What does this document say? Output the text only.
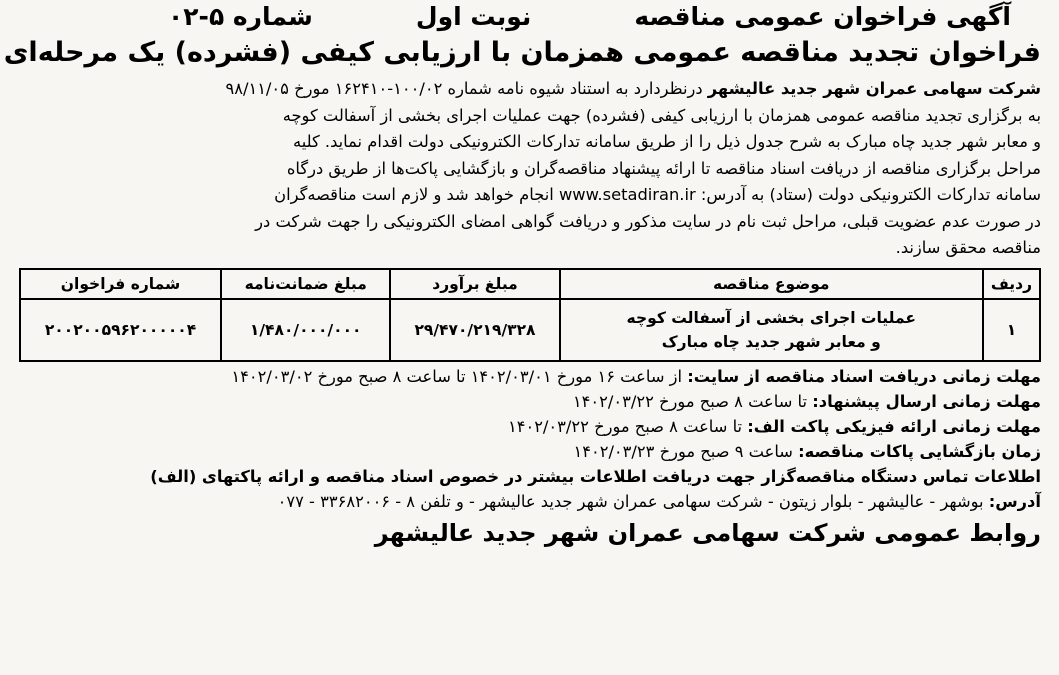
آگهی فراخوان عمومی مناقصه
نوبت اول
شماره ۵-۰۲
فراخوان تجدید مناقصه عمومی همزمان با ارزیابی کیفی (فشرده) یک مرحله‌ای
شرکت سهامی عمران شهر جدید عالیشهر درنظردارد به استناد شیوه نامه شماره ۱۰۰/۰۲-۱۶۲۴۱۰ مورخ ۹۸/۱۱/۰۵
به برگزاری تجدید مناقصه عمومی همزمان با ارزیابی کیفی (فشرده) جهت عملیات اجرای بخشی از آسفالت کوچه
و معابر شهر جدید چاه مبارک به شرح جدول ذیل را از طریق سامانه تدارکات الکترونیکی دولت اقدام نماید. کلیه
مراحل برگزاری مناقصه از دریافت اسناد مناقصه تا ارائه پیشنهاد مناقصه‌گران و بازگشایی پاکت‌ها از طریق درگاه
سامانه تدارکات الکترونیکی دولت (ستاد) به آدرس: www.setadiran.ir انجام خواهد شد و لازم است مناقصه‌گران
در صورت عدم عضویت قبلی، مراحل ثبت نام در سایت مذکور و دریافت گواهی امضای الکترونیکی را جهت شرکت در
مناقصه محقق سازند.
ردیف	موضوع مناقصه	مبلغ برآورد	مبلغ ضمانت‌نامه	شماره فراخوان
۱	عملیات اجرای بخشی از آسفالت کوچه
و معابر شهر جدید چاه مبارک	۲۹/۴۷۰/۲۱۹/۳۲۸	۱/۴۸۰/۰۰۰/۰۰۰	۲۰۰۲۰۰۵۹۶۲۰۰۰۰۰۴
مهلت زمانی دریافت اسناد مناقصه از سایت: از ساعت ۱۶ مورخ ۱۴۰۲/۰۳/۰۱ تا ساعت ۸ صبح مورخ ۱۴۰۲/۰۳/۰۲
مهلت زمانی ارسال پیشنهاد: تا ساعت ۸ صبح مورخ ۱۴۰۲/۰۳/۲۲
مهلت زمانی ارائه فیزیکی پاکت الف: تا ساعت ۸ صبح مورخ ۱۴۰۲/۰۳/۲۲
زمان بازگشایی پاکات مناقصه: ساعت ۹ صبح مورخ ۱۴۰۲/۰۳/۲۳
اطلاعات تماس دستگاه مناقصه‌گزار جهت دریافت اطلاعات بیشتر در خصوص اسناد مناقصه و ارائه پاکتهای (الف)
آدرس: بوشهر - عالیشهر - بلوار زیتون - شرکت سهامی عمران شهر جدید عالیشهر - و تلفن ۸ - ۳۳۶۸۲۰۰۶ - ۰۷۷
روابط عمومی شرکت سهامی عمران شهر جدید عالیشهر
